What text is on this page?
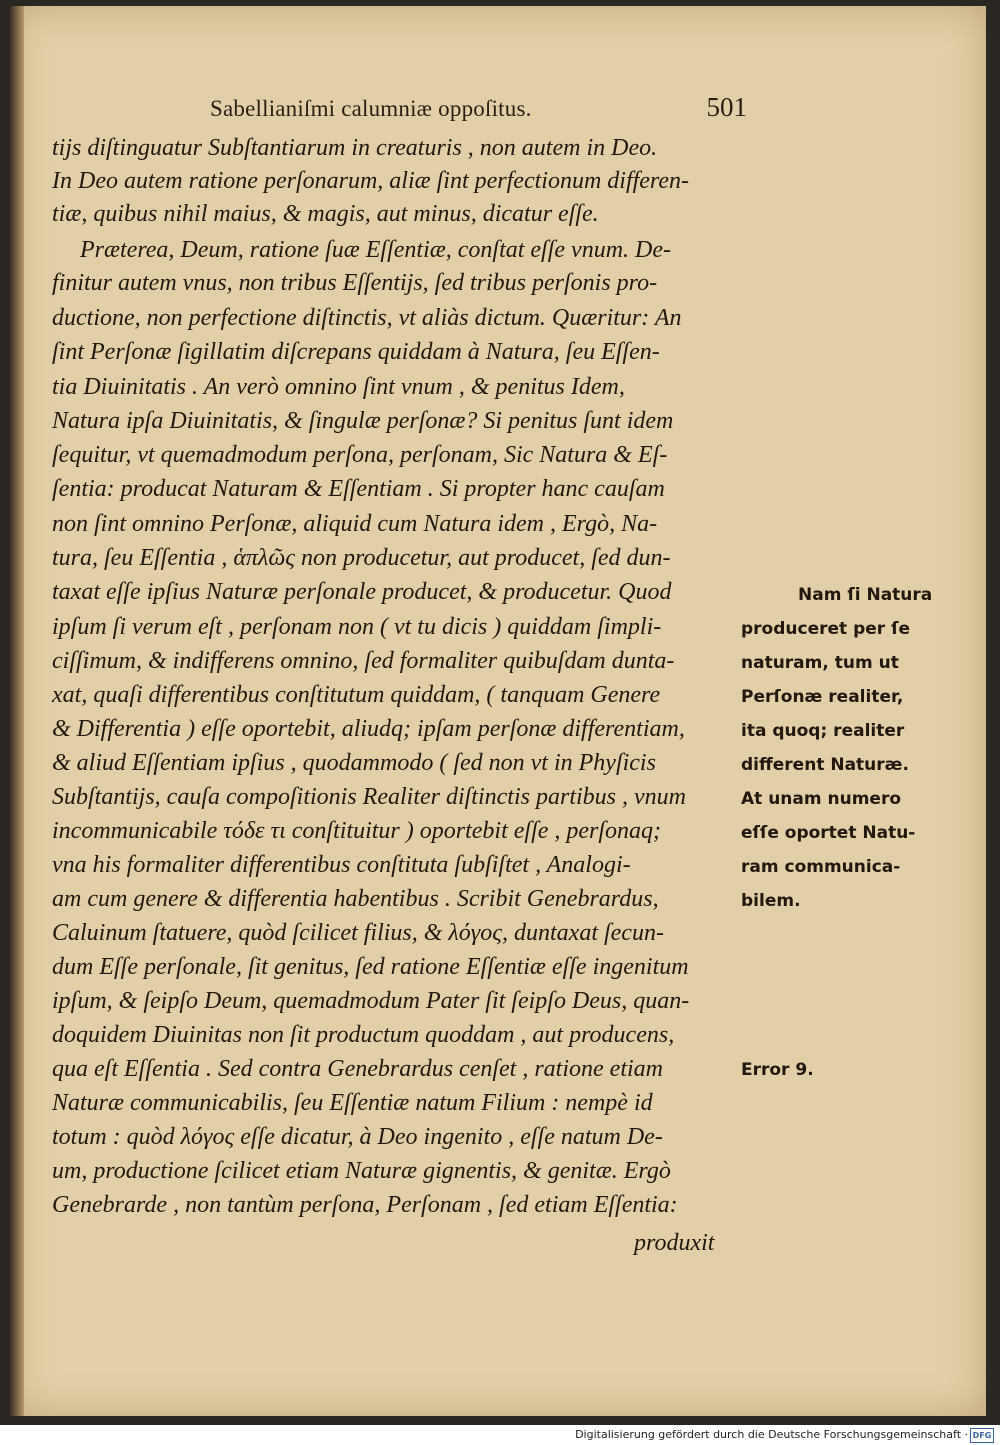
Sabellianiſmi calumniæ oppoſitus.	501
tijs diſtinguatur Subſtantiarum in creaturis , non autem in Deo.
In Deo autem ratione perſonarum, aliæ ſint perfectionum differen-
tiæ, quibus nihil maius, & magis, aut minus, dicatur eſſe.
Præterea, Deum, ratione ſuæ Eſſentiæ, conſtat eſſe vnum. De-
finitur autem vnus, non tribus Eſſentijs, ſed tribus perſonis pro-
ductione, non perfectione diſtinctis, vt aliàs dictum. Quæritur: An
ſint Perſonæ ſigillatim diſcrepans quiddam à Natura, ſeu Eſſen-
tia Diuinitatis . An verò omnino ſint vnum , & penitus Idem,
Natura ipſa Diuinitatis, & ſingulæ perſonæ? Si penitus ſunt idem
ſequitur, vt quemadmodum perſona, perſonam, Sic Natura & Eſ-
ſentia: producat Naturam & Eſſentiam . Si propter hanc cauſam
non ſint omnino Perſonæ, aliquid cum Natura idem , Ergò, Na-
tura, ſeu Eſſentia , ἁπλῶς non producetur, aut producet, ſed dun-
taxat eſſe ipſius Naturæ perſonale producet, & producetur. Quod
ipſum ſi verum eſt , perſonam non ( vt tu dicis ) quiddam ſimpli-
ciſſimum, & indifferens omnino, ſed formaliter quibuſdam dunta-
xat, quaſi differentibus conſtitutum quiddam, ( tanquam Genere
& Differentia ) eſſe oportebit, aliudq; ipſam perſonæ differentiam,
& aliud Eſſentiam ipſius , quodammodo ( ſed non vt in Phyſicis
Subſtantijs, cauſa compoſitionis Realiter diſtinctis partibus , vnum
incommunicabile τόδε τι conſtituitur ) oportebit eſſe , perſonaq;
vna his formaliter differentibus conſtituta ſubſiſtet , Analogi-
am cum genere & differentia habentibus . Scribit Genebrardus,
Caluinum ſtatuere, quòd ſcilicet filius, & λόγος, duntaxat ſecun-
dum Eſſe perſonale, ſit genitus, ſed ratione Eſſentiæ eſſe ingenitum
ipſum, & ſeipſo Deum, quemadmodum Pater ſit ſeipſo Deus, quan-
doquidem Diuinitas non ſit productum quoddam , aut producens,
qua eſt Eſſentia . Sed contra Genebrardus cenſet , ratione etiam
Naturæ communicabilis, ſeu Eſſentiæ natum Filium : nempè id
totum : quòd λόγος eſſe dicatur, à Deo ingenito , eſſe natum De-
um, productione ſcilicet etiam Naturæ gignentis, & genitæ. Ergò
Genebrarde , non tantùm perſona, Perſonam , ſed etiam Eſſentia:
produxit
Nam ſi Natura
produceret per ſe
naturam, tum ut
Perſonæ realiter,
ita quoq; realiter
different Naturæ.
At unam numero
eſſe oportet Natu-
ram communica-
bilem.
Error 9.
Digitalisierung gefördert durch die Deutsche Forschungsgemeinschaft · DFG
